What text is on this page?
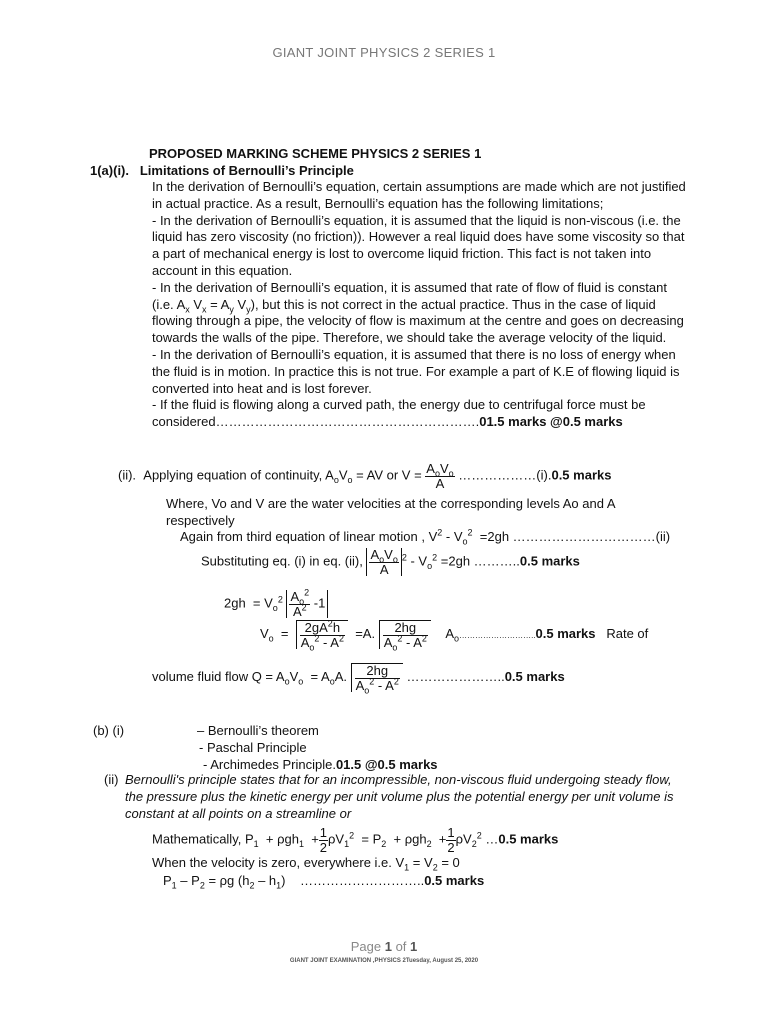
GIANT JOINT PHYSICS 2 SERIES 1
PROPOSED MARKING SCHEME PHYSICS 2 SERIES 1
1(a)(i). Limitations of Bernoulli’s Principle
In the derivation of Bernoulli’s equation, certain assumptions are made which are not justified in actual practice. As a result, Bernoulli’s equation has the following limitations;
- In the derivation of Bernoulli’s equation, it is assumed that the liquid is non-viscous (i.e. the liquid has zero viscosity (no friction)). However a real liquid does have some viscosity so that a part of mechanical energy is lost to overcome liquid friction. This fact is not taken into account in this equation.
- In the derivation of Bernoulli’s equation, it is assumed that rate of flow of fluid is constant (i.e. $A_x$ $V_x = A_y$ $V_y$), but this is not correct in the actual practice. Thus in the case of liquid flowing through a pipe, the velocity of flow is maximum at the centre and goes on decreasing towards the walls of the pipe. Therefore, we should take the average velocity of the liquid.
- In the derivation of Bernoulli’s equation, it is assumed that there is no loss of energy when the fluid is in motion. In practice this is not true. For example a part of K.E of flowing liquid is converted into heat and is lost forever.
- If the fluid is flowing along a curved path, the energy due to centrifugal force must be considered…………………………………………………….01.5 marks @0.5 marks
(ii). Applying equation of continuity, $A_oV_o$ = AV or $V = \frac{A_oV_o}{A}$ ………………(i).0.5 marks
Where, Vo and V are the water velocities at the corresponding levels Ao and A respectively
Again from third equation of linear motion , $V^2 - V_o^2 =2gh$ ……………………………(ii)
Substituting eq. (i) in eq. (ii), $\frac{A_oV_o}{A} ^2 - V_o^2 =2gh$ ………..0.5 marks
$2gh = V_o^2 \frac{A_o^2}{A^2} -1$
$V_o = \frac{2gA^2h}{A_o^2 - A^2} =A$. $\frac{2hg}{A_o^2 - A^2}$ $A_o\dots\dots\dots\dots\dots\dots\dots\dots\dots..0.5$ marks Rate of
volume fluid flow $Q = A_oV_o = A_oA$. $\frac{2hg}{A_o^2 - A^2}$ …………………..0.5 marks
(b) (i)	– Bernoulli’s theorem
- Paschal Principle
- Archimedes Principle.01.5 @0.5 marks
(ii) Bernoulli's principle states that for an incompressible, non-viscous fluid undergoing steady flow, the pressure plus the kinetic energy per unit volume plus the potential energy per unit volume is constant at all points on a streamline or
Mathematically, $P_1 + \rho gh_1 + \frac{1}{2} \rho V_1^2 = P_2 + \rho gh_2 + \frac{1}{2} \rho V_2^2$ …0.5 marks
When the velocity is zero, everywhere i.e. $V_1 = V_2 = 0$
$P_1 - P_2 = \rho g$ $(h_2 - h_1)$    ………………………..0.5 marks
Page 1 of 1
GIANT JOINT EXAMINATION ,PHYSICS 2Tuesday, August 25, 2020
